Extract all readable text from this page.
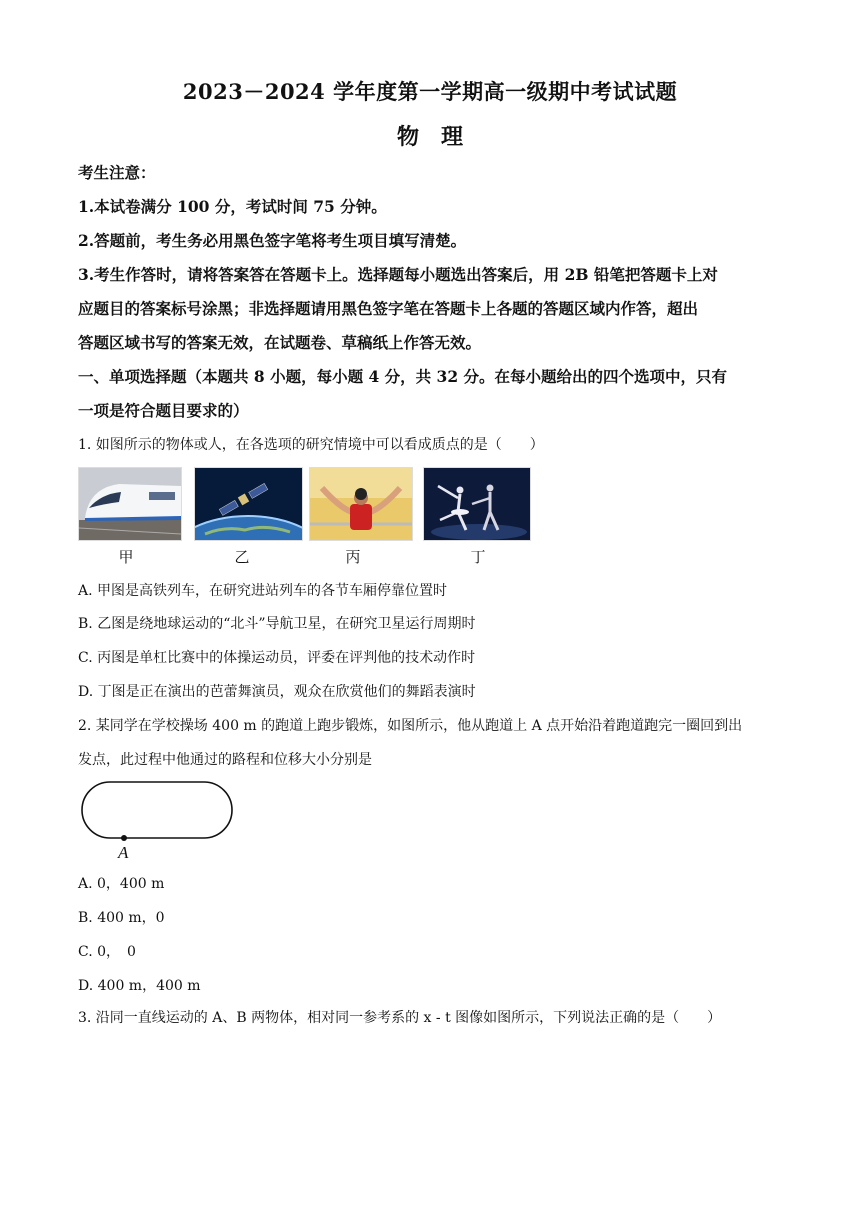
2023－2024 学年度第一学期高一级期中考试试题
物理
考生注意：
1.本试卷满分 100 分，考试时间 75 分钟。
2.答题前，考生务必用黑色签字笔将考生项目填写清楚。
3.考生作答时，请将答案答在答题卡上。选择题每小题选出答案后，用 2B 铅笔把答题卡上对
应题目的答案标号涂黑；非选择题请用黑色签字笔在答题卡上各题的答题区域内作答，超出
答题区域书写的答案无效，在试题卷、草稿纸上作答无效。
一、单项选择题（本题共 8 小题，每小题 4 分，共 32 分。在每小题给出的四个选项中，只有
一项是符合题目要求的）
1. 如图所示的物体或人，在各选项的研究情境中可以看成质点的是（　　）
甲	乙	丙	丁
A. 甲图是高铁列车，在研究进站列车的各节车厢停靠位置时
B. 乙图是绕地球运动的“北斗”导航卫星，在研究卫星运行周期时
C. 丙图是单杠比赛中的体操运动员，评委在评判他的技术动作时
D. 丁图是正在演出的芭蕾舞演员，观众在欣赏他们的舞蹈表演时
2. 某同学在学校操场 400 m 的跑道上跑步锻炼，如图所示，他从跑道上 A 点开始沿着跑道跑完一圈回到出
发点，此过程中他通过的路程和位移大小分别是
A
A. 0，400 m
B. 400 m，0
C. 0，　0
D. 400 m，400 m
3. 沿同一直线运动的 A、B 两物体，相对同一参考系的 x - t 图像如图所示，下列说法正确的是（　　）
